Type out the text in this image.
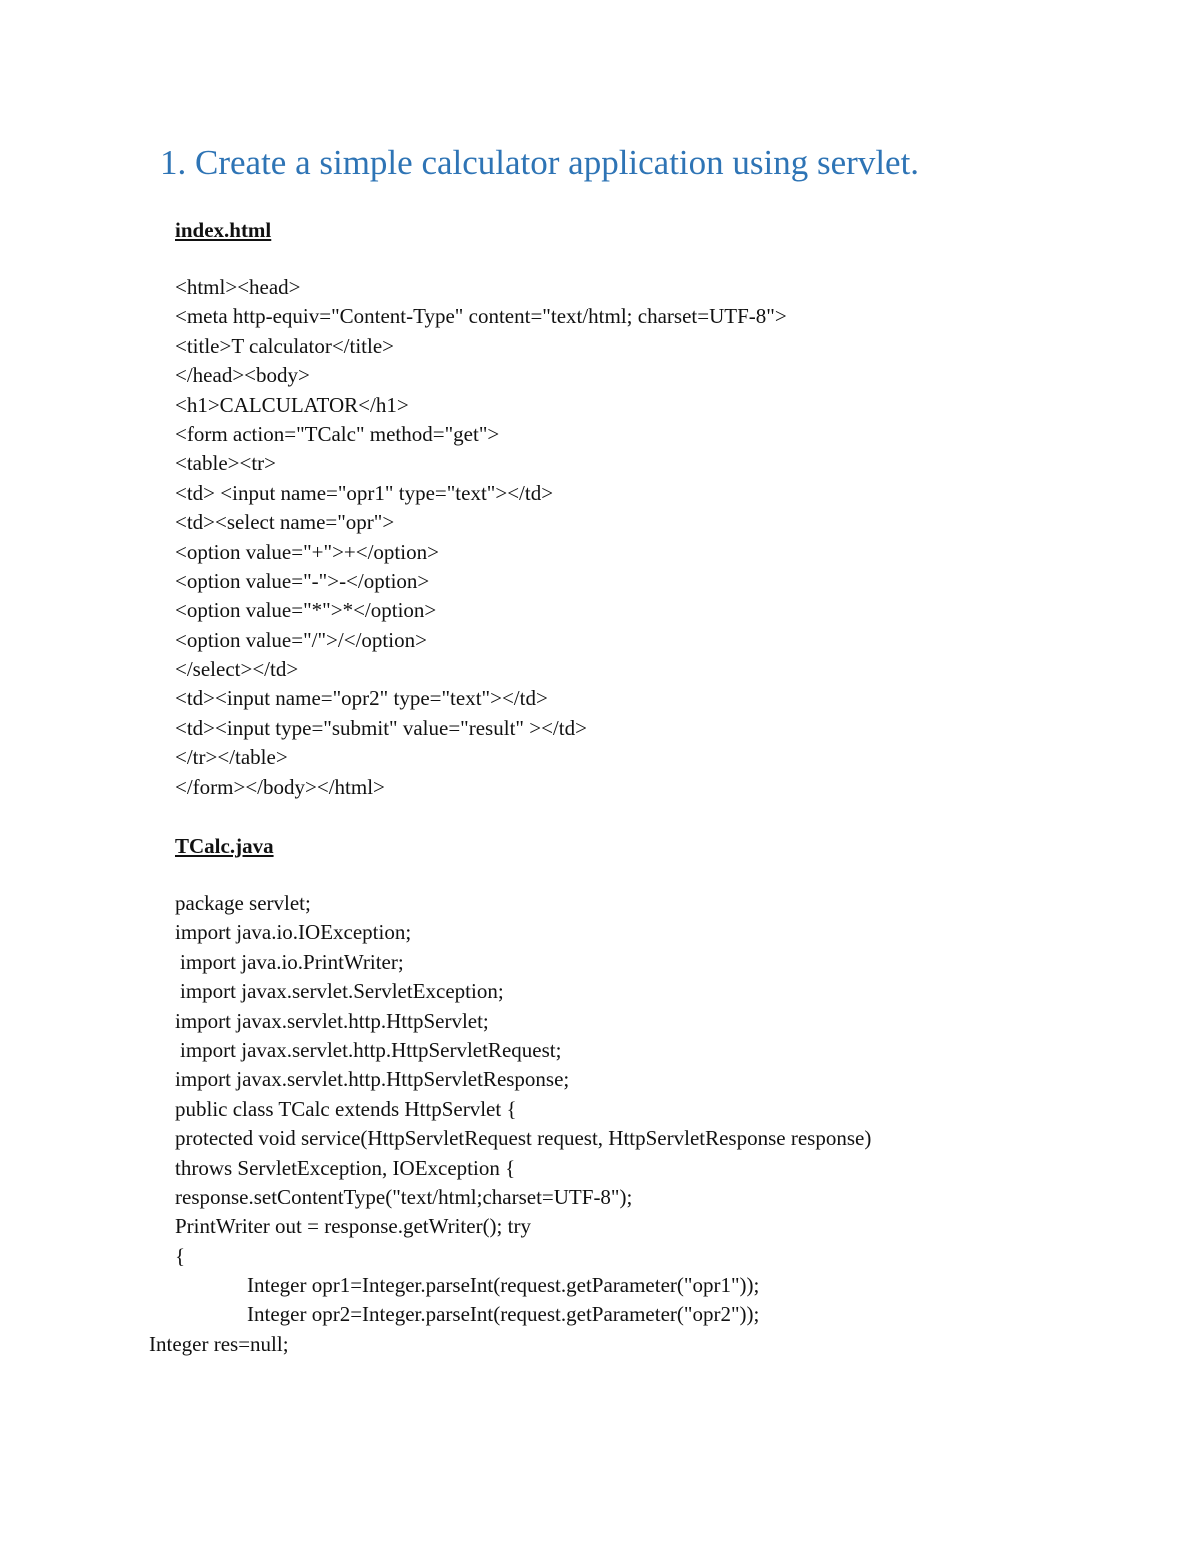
1. Create a simple calculator application using servlet.
index.html
<html><head>
<meta http-equiv="Content-Type" content="text/html; charset=UTF-8">
<title>T calculator</title>
</head><body>
<h1>CALCULATOR</h1>
<form action="TCalc" method="get">
<table><tr>
<td> <input name="opr1" type="text"></td>
<td><select name="opr">
<option value="+">+</option>
<option value="-">-</option>
<option value="*">*</option>
<option value="/">/</option>
</select></td>
<td><input name="opr2" type="text"></td>
<td><input type="submit" value="result" ></td>
</tr></table>
</form></body></html>
TCalc.java
package servlet;
import java.io.IOException;
import java.io.PrintWriter;
import javax.servlet.ServletException;
import javax.servlet.http.HttpServlet;
import javax.servlet.http.HttpServletRequest;
import javax.servlet.http.HttpServletResponse;
public class TCalc extends HttpServlet {
protected void service(HttpServletRequest request, HttpServletResponse response)
throws ServletException, IOException {
response.setContentType("text/html;charset=UTF-8");
PrintWriter out = response.getWriter(); try
{
Integer opr1=Integer.parseInt(request.getParameter("opr1"));
Integer opr2=Integer.parseInt(request.getParameter("opr2"));
Integer res=null;
